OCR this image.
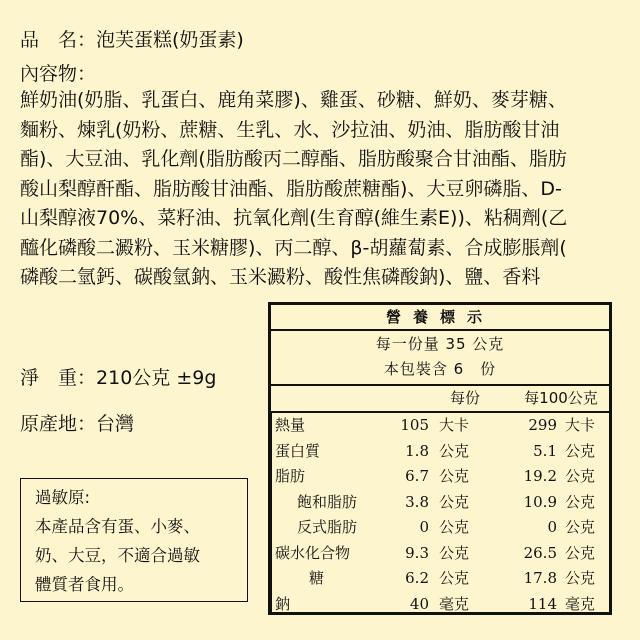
品　名：泡芙蛋糕(奶蛋素)

內容物：

鮮奶油(奶脂、乳蛋白、鹿角菜膠)、雞蛋、砂糖、鮮奶、麥芽糖、
麵粉、煉乳(奶粉、蔗糖、生乳、水、沙拉油、奶油、脂肪酸甘油
酯)、大豆油、乳化劑(脂肪酸丙二醇酯、脂肪酸聚合甘油酯、脂肪
酸山梨醇酐酯、脂肪酸甘油酯、脂肪酸蔗糖酯)、大豆卵磷脂、D-
山梨醇液70%、菜籽油、抗氧化劑(生育醇(維生素E))、粘稠劑(乙
醯化磷酸二澱粉、玉米糖膠)、丙二醇、β-胡蘿蔔素、合成膨脹劑(
磷酸二氫鈣、碳酸氫鈉、玉米澱粉、酸性焦磷酸鈉)、鹽、香料

淨　重：210公克 ±9g

原產地：台灣

過敏原:
本產品含有蛋、小麥、
奶、大豆，不適合過敏
體質者食用。
營養標示
每一份量 35 公克
本包裝含 6　份
每份	每100公克
熱量	105 大卡	299 大卡
蛋白質	1.8 公克	5.1 公克
脂肪	6.7 公克	19.2 公克
飽和脂肪	3.8 公克	10.9 公克
反式脂肪	0 公克	0 公克
碳水化合物	9.3 公克	26.5 公克
糖	6.2 公克	17.8 公克
鈉	40 毫克	114 毫克
